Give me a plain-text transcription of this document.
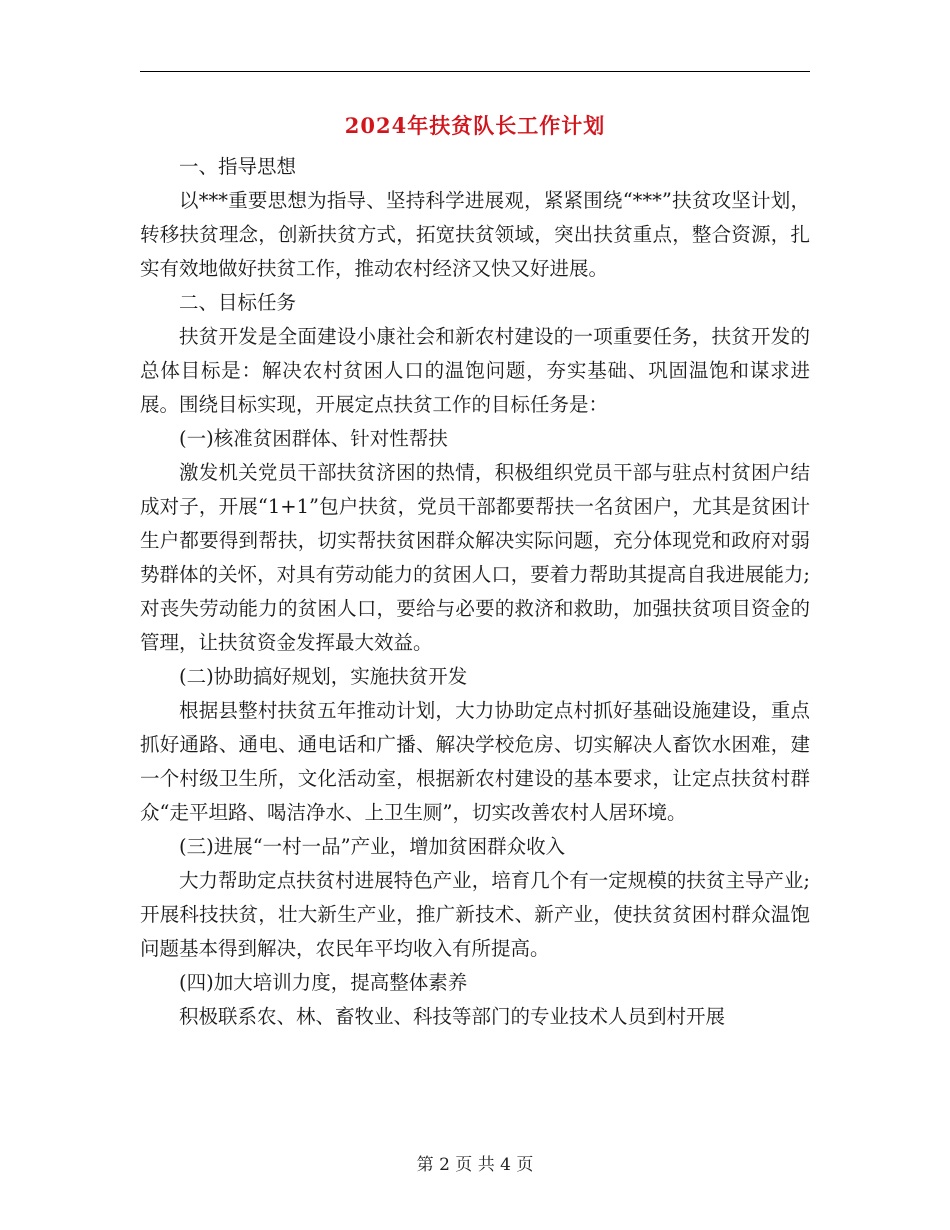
2024年扶贫队长工作计划

一、指导思想

以***重要思想为指导、坚持科学进展观，紧紧围绕“***”扶贫攻坚计划，转移扶贫理念，创新扶贫方式，拓宽扶贫领域，突出扶贫重点，整合资源，扎实有效地做好扶贫工作，推动农村经济又快又好进展。

二、目标任务

扶贫开发是全面建设小康社会和新农村建设的一项重要任务，扶贫开发的总体目标是：解决农村贫困人口的温饱问题，夯实基础、巩固温饱和谋求进展。围绕目标实现，开展定点扶贫工作的目标任务是：

(一)核准贫困群体、针对性帮扶

激发机关党员干部扶贫济困的热情，积极组织党员干部与驻点村贫困户结成对子，开展“1+1”包户扶贫，党员干部都要帮扶一名贫困户，尤其是贫困计生户都要得到帮扶，切实帮扶贫困群众解决实际问题，充分体现党和政府对弱势群体的关怀，对具有劳动能力的贫困人口，要着力帮助其提高自我进展能力;对丧失劳动能力的贫困人口，要给与必要的救济和救助，加强扶贫项目资金的管理，让扶贫资金发挥最大效益。

(二)协助搞好规划，实施扶贫开发

根据县整村扶贫五年推动计划，大力协助定点村抓好基础设施建设，重点抓好通路、通电、通电话和广播、解决学校危房、切实解决人畜饮水困难，建一个村级卫生所，文化活动室，根据新农村建设的基本要求，让定点扶贫村群众“走平坦路、喝洁净水、上卫生厕”，切实改善农村人居环境。

(三)进展“一村一品”产业，增加贫困群众收入

大力帮助定点扶贫村进展特色产业，培育几个有一定规模的扶贫主导产业;开展科技扶贫，壮大新生产业，推广新技术、新产业，使扶贫贫困村群众温饱问题基本得到解决，农民年平均收入有所提高。

(四)加大培训力度，提高整体素养

积极联系农、林、畜牧业、科技等部门的专业技术人员到村开展

第 2 页 共 4 页
